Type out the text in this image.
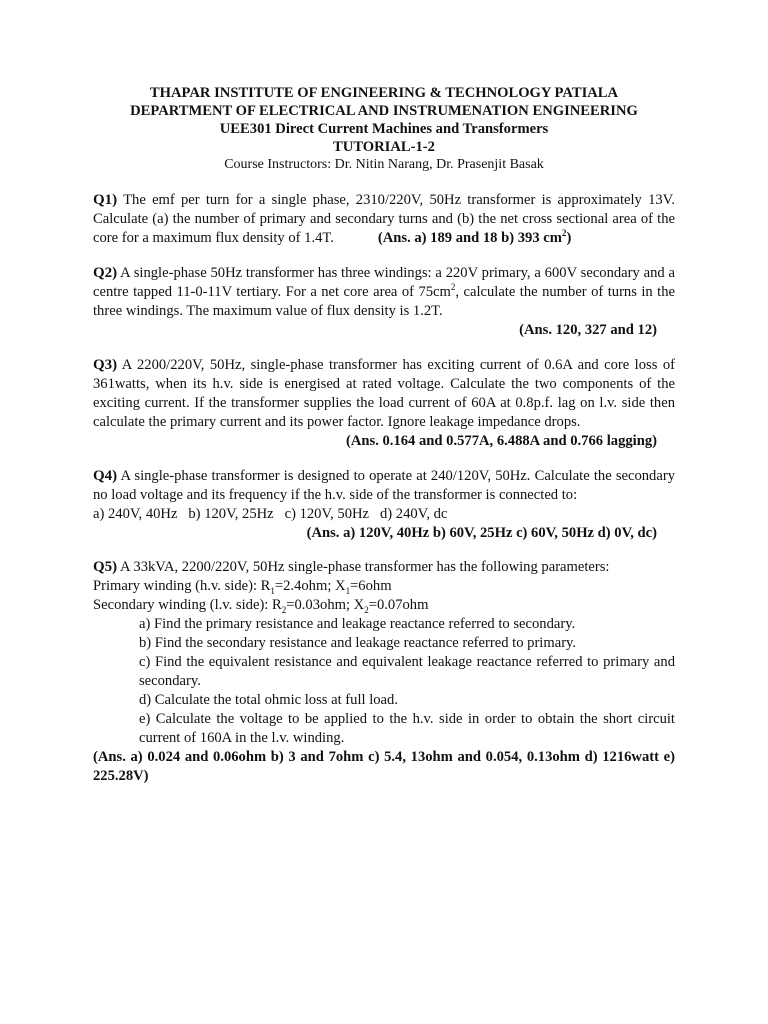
THAPAR INSTITUTE OF ENGINEERING & TECHNOLOGY PATIALA
DEPARTMENT OF ELECTRICAL AND INSTRUMENATION ENGINEERING
UEE301 Direct Current Machines and Transformers
TUTORIAL-1-2
Course Instructors: Dr. Nitin Narang, Dr. Prasenjit Basak
Q1) The emf per turn for a single phase, 2310/220V, 50Hz transformer is approximately 13V. Calculate (a) the number of primary and secondary turns and (b) the net cross sectional area of the core for a maximum flux density of 1.4T.	(Ans. a) 189 and 18 b) 393 $cm^2$)
Q2) A single-phase 50Hz transformer has three windings: a 220V primary, a 600V secondary and a centre tapped 11-0-11V tertiary. For a net core area of $75cm^2$, calculate the number of turns in the three windings. The maximum value of flux density is 1.2T.
(Ans. 120, 327 and 12)
Q3) A 2200/220V, 50Hz, single-phase transformer has exciting current of 0.6A and core loss of 361watts, when its h.v. side is energised at rated voltage. Calculate the two components of the exciting current. If the transformer supplies the load current of 60A at 0.8p.f. lag on l.v. side then calculate the primary current and its power factor. Ignore leakage impedance drops.
(Ans. 0.164 and 0.577A, 6.488A and 0.766 lagging)
Q4) A single-phase transformer is designed to operate at 240/120V, 50Hz. Calculate the secondary no load voltage and its frequency if the h.v. side of the transformer is connected to:
a) 240V, 40Hz   b) 120V, 25Hz   c) 120V, 50Hz   d) 240V, dc
(Ans. a) 120V, 40Hz b) 60V, 25Hz c) 60V, 50Hz d) 0V, dc)
Q5) A 33kVA, 2200/220V, 50Hz single-phase transformer has the following parameters:
Primary winding (h.v. side): $R_1=2.4ohm$; $X_1=6ohm$
Secondary winding (l.v. side): $R_2=0.03ohm$; $X_2=0.07ohm$
a) Find the primary resistance and leakage reactance referred to secondary.
b) Find the secondary resistance and leakage reactance referred to primary.
c) Find the equivalent resistance and equivalent leakage reactance referred to primary and secondary.
d) Calculate the total ohmic loss at full load.
e) Calculate the voltage to be applied to the h.v. side in order to obtain the short circuit current of 160A in the l.v. winding.
(Ans. a) 0.024 and 0.06ohm b) 3 and 7ohm c) 5.4, 13ohm and 0.054, 0.13ohm d) 1216watt e) 225.28V)
